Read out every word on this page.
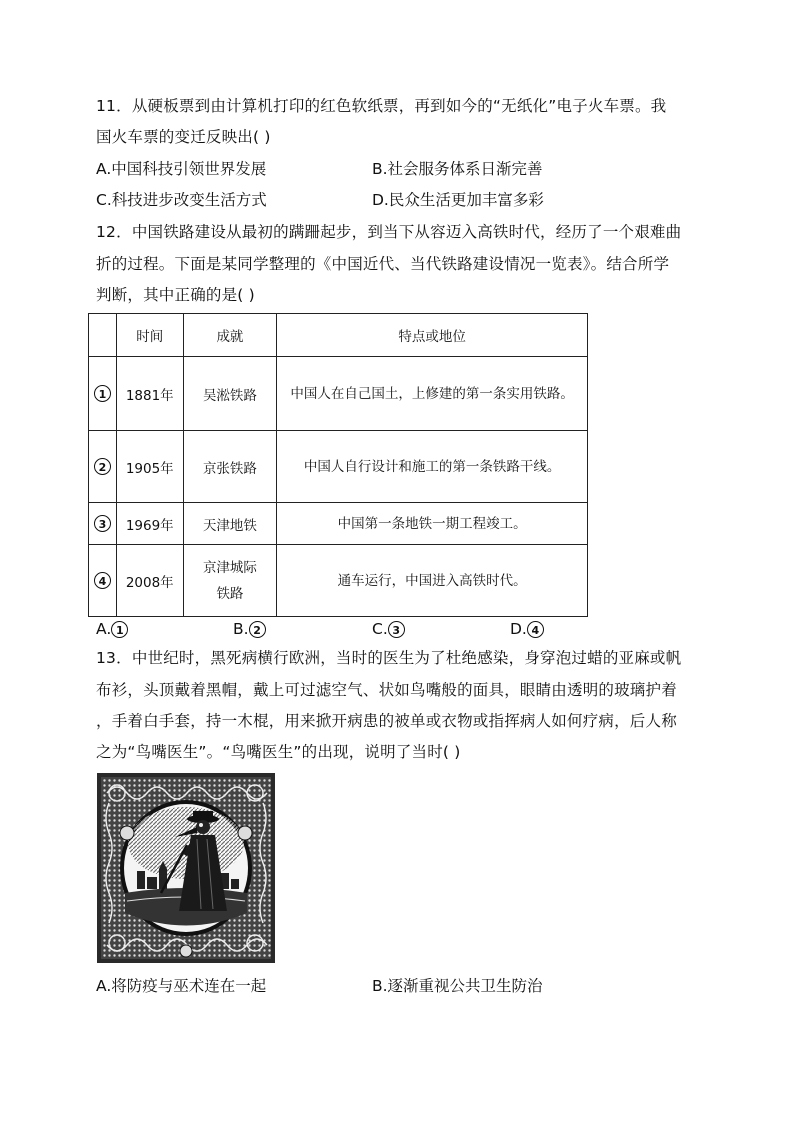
11．从硬板票到由计算机打印的红色软纸票，再到如今的“无纸化”电子火车票。我
国火车票的变迁反映出( )
A.中国科技引领世界发展	B.社会服务体系日渐完善
C.科技进步改变生活方式	D.民众生活更加丰富多彩
12．中国铁路建设从最初的蹒跚起步，到当下从容迈入高铁时代，经历了一个艰难曲
折的过程。下面是某同学整理的《中国近代、当代铁路建设情况一览表》。结合所学
判断，其中正确的是( )
	时间	成就	特点或地位
1	1881年	吴淞铁路	中国人在自己国土，上修建的第一条实用铁路。
2	1905年	京张铁路	中国人自行设计和施工的第一条铁路干线。
3	1969年	天津地铁	中国第一条地铁一期工程竣工。
4	2008年	京津城际铁路	通车运行，中国进入高铁时代。
A. 1	B. 2	C. 3	D. 4
13．中世纪时，黑死病横行欧洲，当时的医生为了杜绝感染，身穿泡过蜡的亚麻或帆
布衫，头顶戴着黑帽，戴上可过滤空气、状如鸟嘴般的面具，眼睛由透明的玻璃护着
，手着白手套，持一木棍，用来掀开病患的被单或衣物或指挥病人如何疗病，后人称
之为“鸟嘴医生”。“鸟嘴医生”的出现，说明了当时( )
A.将防疫与巫术连在一起	B.逐渐重视公共卫生防治
